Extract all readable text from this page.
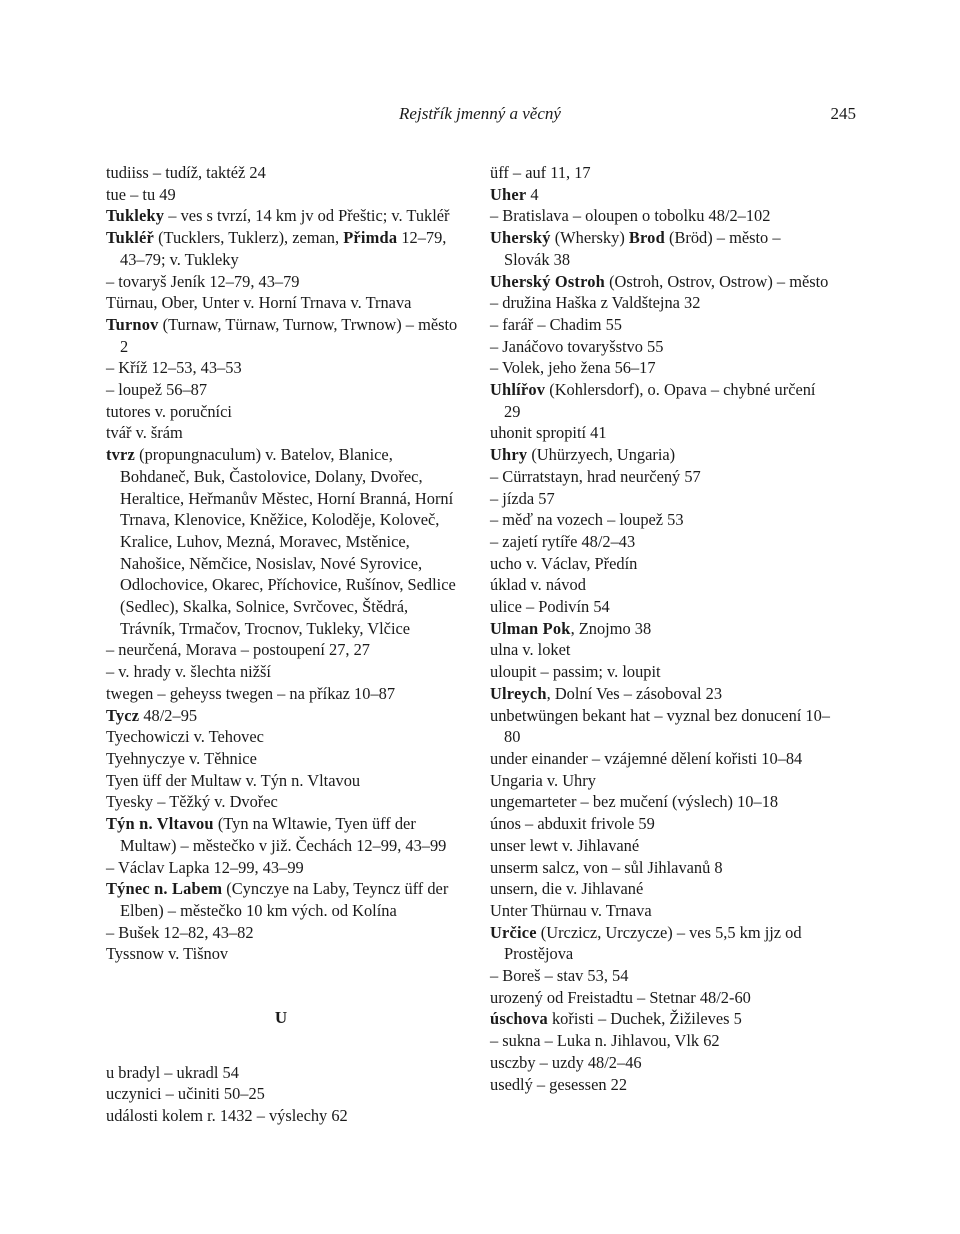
Rejstřík jmenný a věcný	245

tudiiss – tudíž, taktéž 24

tue – tu 49

Tukleky – ves s tvrzí, 14 km jv od Přeštic; v. Tukléř

Tukléř (Tucklers, Tuklerz), zeman, Přimda 12–79, 43–79; v. Tukleky

– tovaryš Jeník 12–79, 43–79

Türnau, Ober, Unter v. Horní Trnava v. Trnava

Turnov (Turnaw, Türnaw, Turnow, Trwnow) – město 2

– Kříž 12–53, 43–53

– loupež 56–87

tutores v. poručníci

tvář v. šrám

tvrz (propungnaculum) v. Batelov, Blanice, Bohdaneč, Buk, Častolovice, Dolany, Dvořec, Heraltice, Heřmanův Městec, Horní Branná, Horní Trnava, Klenovice, Kněžice, Koloděje, Koloveč, Kralice, Luhov, Mezná, Moravec, Mstěnice, Nahošice, Němčice, Nosislav, Nové Syrovice, Odlochovice, Okarec, Příchovice, Rušínov, Sedlice (Sedlec), Skalka, Solnice, Svrčovec, Štědrá, Trávník, Trmačov, Trocnov, Tukleky, Vlčice

– neurčená, Morava – postoupení 27, 27

– v. hrady v. šlechta nižší

twegen – geheyss twegen – na příkaz 10–87

Tycz 48/2–95

Tyechowiczi v. Tehovec

Tyehnyczye v. Těhnice

Tyen üff der Multaw v. Týn n. Vltavou

Tyesky – Těžký v. Dvořec

Týn n. Vltavou (Tyn na Wltawie, Tyen üff der Multaw) – městečko v již. Čechách 12–99, 43–99

– Václav Lapka 12–99, 43–99

Týnec n. Labem (Cynczye na Laby, Teyncz üff der Elben) – městečko 10 km vých. od Kolína

– Bušek 12–82, 43–82

Tyssnow v. Tišnov

U

u bradyl – ukradl 54

uczynici – učiniti 50–25

události kolem r. 1432 – výslechy 62

üff – auf 11, 17

Uher 4

– Bratislava – oloupen o tobolku 48/2–102

Uherský (Whersky) Brod (Bröd) – město – Slovák 38

Uherský Ostroh (Ostroh, Ostrov, Ostrow) – město

– družina Haška z Valdštejna 32

– farář – Chadim 55

– Janáčovo tovaryšstvo 55

– Volek, jeho žena 56–17

Uhlířov (Kohlersdorf), o. Opava – chybné určení 29

uhonit spropití 41

Uhry (Uhürzyech, Ungaria)

– Cürratstayn, hrad neurčený 57

– jízda 57

– měď na vozech – loupež 53

– zajetí rytíře 48/2–43

ucho v. Václav, Předín

úklad v. návod

ulice – Podivín 54

Ulman Pok, Znojmo 38

ulna v. loket

uloupit – passim; v. loupit

Ulreych, Dolní Ves – zásoboval 23

unbetwüngen bekant hat – vyznal bez donucení 10–80

under einander – vzájemné dělení kořisti 10–84

Ungaria v. Uhry

ungemarteter – bez mučení (výslech) 10–18

únos – abduxit frivole 59

unser lewt v. Jihlavané

unserm salcz, von – sůl Jihlavanů 8

unsern, die v. Jihlavané

Unter Thürnau v. Trnava

Určice (Urczicz, Urczycze) – ves 5,5 km jjz od Prostějova

– Boreš – stav 53, 54

urozený od Freistadtu – Stetnar 48/2-60

úschova kořisti – Duchek, Žižileves 5

– sukna – Luka n. Jihlavou, Vlk 62

usczby – uzdy 48/2–46

usedlý – gesessen 22
